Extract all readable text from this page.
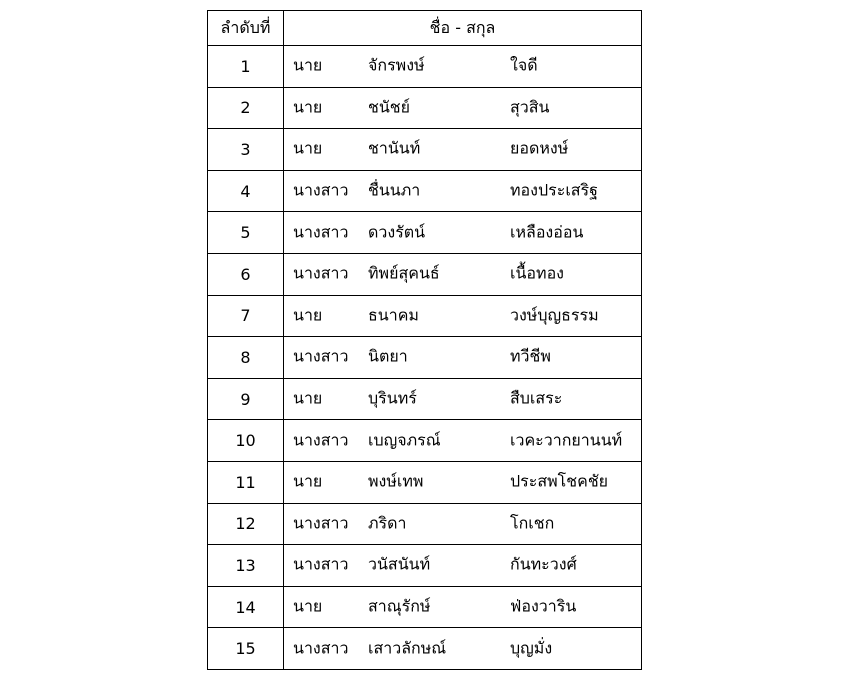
ลำดับที่	ชื่อ - สกุล
1	นาย จักรพงษ์ ใจดี

2	นาย ชนัชย์ สุวสิน

3	นาย ชานันท์ ยอดหงษ์

4	นางสาว ชื่นนภา ทองประเสริฐ

5	นางสาว ดวงรัตน์ เหลืองอ่อน

6	นางสาว ทิพย์สุคนธ์ เนื้อทอง

7	นาย ธนาคม วงษ์บุญธรรม

8	นางสาว นิตยา ทวีชีพ

9	นาย บุรินทร์ สืบเสระ

10	นางสาว เบญจภรณ์ เวคะวากยานนท์

11	นาย พงษ์เทพ ประสพโชคชัย

12	นางสาว ภริดา โกเชก

13	นางสาว วนัสนันท์ กันทะวงศ์

14	นาย สาณุรักษ์ ฟ่องวาริน

15	นางสาว เสาวลักษณ์ บุญมั่ง
